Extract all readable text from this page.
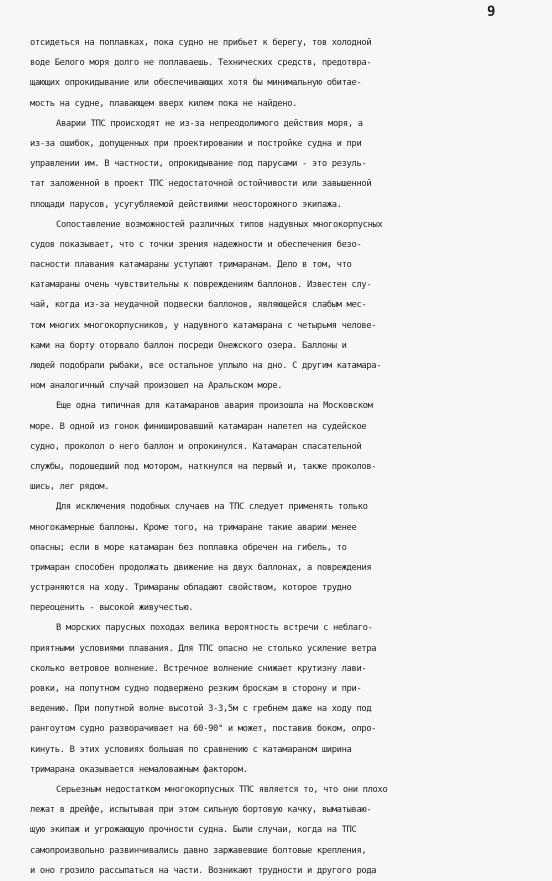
9
отсидеться на поплавках, пока судно не прибьет к берегу, тов холодной
воде Белого моря долго не поплаваешь. Технических средств, предотвра-
щающих опрокидывание или обеспечивающих хотя бы минимальную обитае-
мость на судне, плавающем вверх килем пока не найдено.
Аварии ТПС происходят не из-за непреодолимого действия моря, а
из-за ошибок, допущенных при проектировании и постройке судна и при
управлении им. В частности, опрокидывание под парусами - это резуль-
тат заложенной в проект ТПС недостаточной остойчивости или завышенной
площади парусов, усугубляемой действиями неосторожного экипажа.
Сопоставление возможностей различных типов надувных многокорпусных
судов показывает, что с точки зрения надежности и обеспечения безо-
пасности плавания катамараны уступают тримаранам. Дело в том, что
катамараны очень чувствительны к повреждениям баллонов. Известен слу-
чай, когда из-за неудачной подвески баллонов, являющейся слабым мес-
том многих многокорпусников, у надувного катамарана с четырьмя челове-
ками на борту оторвало баллон посреди Онежского озера. Баллоны и
людей подобрали рыбаки, все остальное уплыло на дно. С другим катамара-
ном аналогичный случай произошел на Аральском море.
Еще одна типичная для катамаранов авария произошла на Московском
море. В одной из гонок финишировавший катамаран налетел на судейское
судно, проколол о него баллон и опрокинулся. Катамаран спасательной
службы, подошедший под мотором, наткнулся на первый и, также проколов-
шись, лег рядом.
Для исключения подобных случаев на ТПС следует применять только
многокамерные баллоны. Кроме того, на тримаране такие аварии менее
опасны; если в море катамаран без поплавка обречен на гибель, то
тримаран способен продолжать движение на двух баллонах, а повреждения
устраняются на ходу. Тримараны обладают свойством, которое трудно
переоценить - высокой живучестью.
В морских парусных походах велика вероятность встречи с неблаго-
приятными условиями плавания. Для ТПС опасно не столько усиление ветра
сколько ветровое волнение. Встречное волнение снижает крутизну лави-
ровки, на попутном судно подвержено резким броскам в сторону и при-
ведению. При попутной волне высотой 3-3,5м с гребнем даже на ходу под
рангоутом судно разворачивает на 60-90° и может, поставив боком, опро-
кинуть. В этих условиях большая по сравнению с катамараном ширина
тримарана оказывается немаловажным фактором.
Серьезным недостатком многокорпусных ТПС является то, что они плохо
лежат в дрейфе, испытывая при этом сильную бортовую качку, выматываю-
щую экипаж и угрожающую прочности судна. Были случаи, когда на ТПС
самопроизвольно развинчивались давно заржавевшие болтовые крепления,
и оно грозило рассыпаться на части. Возникают трудности и другого рода
